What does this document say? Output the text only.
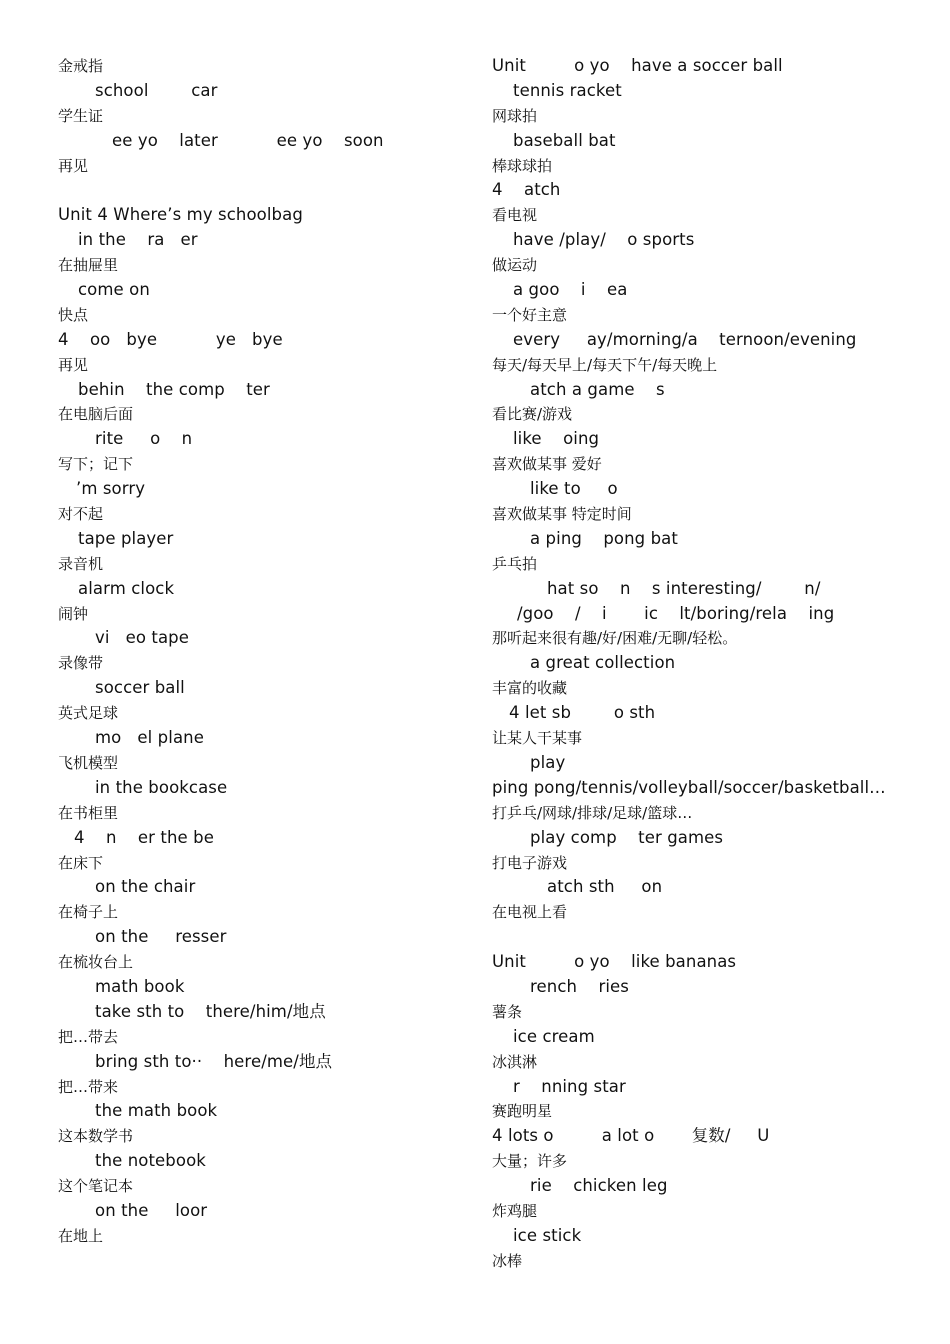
金戒指
school        car
学生证
ee yo    later           ee yo    soon
再见
Unit 4 Where’s my schoolbag
in the    ra   er
在抽屉里
come on
快点
4    oo   bye           ye   bye
再见
behin    the comp    ter
在电脑后面
rite     o    n
写下；记下
’m sorry
对不起
tape player
录音机
alarm clock
闹钟
vi   eo tape
录像带
soccer ball
英式足球
mo   el plane
飞机模型
in the bookcase
在书柜里
4    n    er the be
在床下
on the chair
在椅子上
on the     resser
在梳妆台上
math book
take sth to    there/him/地点
把…带去
bring sth to··    here/me/地点
把…带来
the math book
这本数学书
the notebook
这个笔记本
on the     loor
在地上
Unit         o yo    have a soccer ball
tennis racket
网球拍
baseball bat
棒球球拍
4    atch
看电视
have /play/    o sports
做运动
a goo    i    ea
一个好主意
every     ay/morning/a    ternoon/evening
每天/每天早上/每天下午/每天晚上
atch a game    s
看比赛/游戏
like    oing
喜欢做某事 爱好
like to     o
喜欢做某事 特定时间
a ping    pong bat
乒乓拍
hat so    n    s interesting/        n/
/goo    /    i       ic    lt/boring/rela    ing
那听起来很有趣/好/困难/无聊/轻松。
a great collection
丰富的收藏
4 let sb        o sth
让某人干某事
play
ping pong/tennis/volleyball/soccer/basketball…
打乒乓/网球/排球/足球/篮球…
play comp    ter games
打电子游戏
atch sth     on
在电视上看
Unit         o yo    like bananas
rench    ries
薯条
ice cream
冰淇淋
r    nning star
赛跑明星
4 lots o         a lot o       复数/     U
大量；许多
rie    chicken leg
炸鸡腿
ice stick
冰棒
